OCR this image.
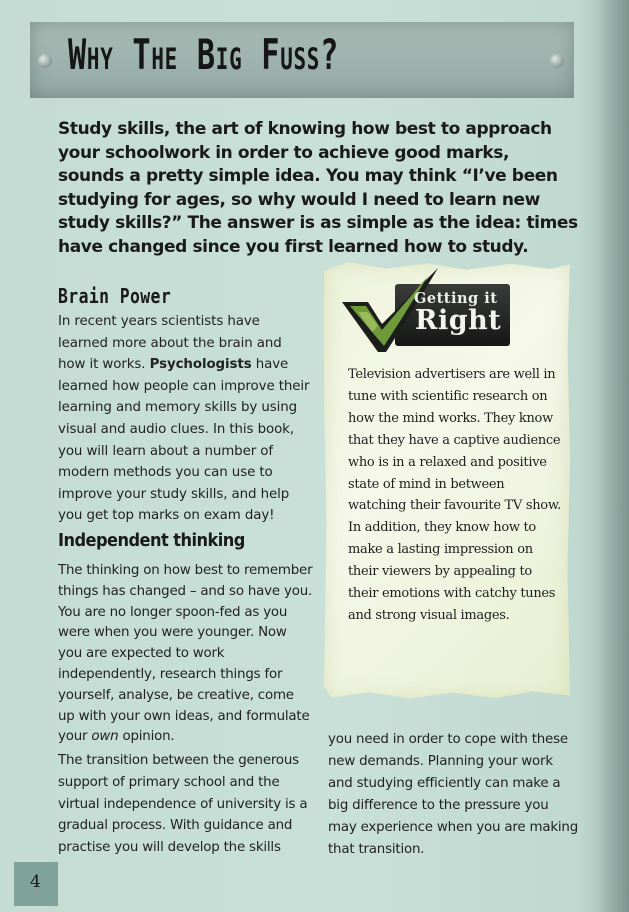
Why The Big Fuss?

Study skills, the art of knowing how best to approach your schoolwork in order to achieve good marks, sounds a pretty simple idea. You may think “I’ve been studying for ages, so why would I need to learn new study skills?” The answer is as simple as the idea: times have changed since you first learned how to study.

Brain Power

In recent years scientists have learned more about the brain and how it works. Psychologists have learned how people can improve their learning and memory skills by using visual and audio clues. In this book, you will learn about a number of modern methods you can use to improve your study skills, and help you get top marks on exam day!

Independent thinking

The thinking on how best to remember things has changed – and so have you. You are no longer spoon-fed as you were when you were younger. Now you are expected to work independently, research things for yourself, analyse, be creative, come up with your own ideas, and formulate your own opinion.

The transition between the generous support of primary school and the virtual independence of university is a gradual process. With guidance and practise you will develop the skills

you need in order to cope with these new demands. Planning your work and studying efficiently can make a big difference to the pressure you may experience when you are making that transition.

Getting it

Right

Television advertisers are well in tune with scientific research on how the mind works. They know that they have a captive audience who is in a relaxed and positive state of mind in between watching their favourite TV show. In addition, they know how to make a lasting impression on their viewers by appealing to their emotions with catchy tunes and strong visual images.

4
